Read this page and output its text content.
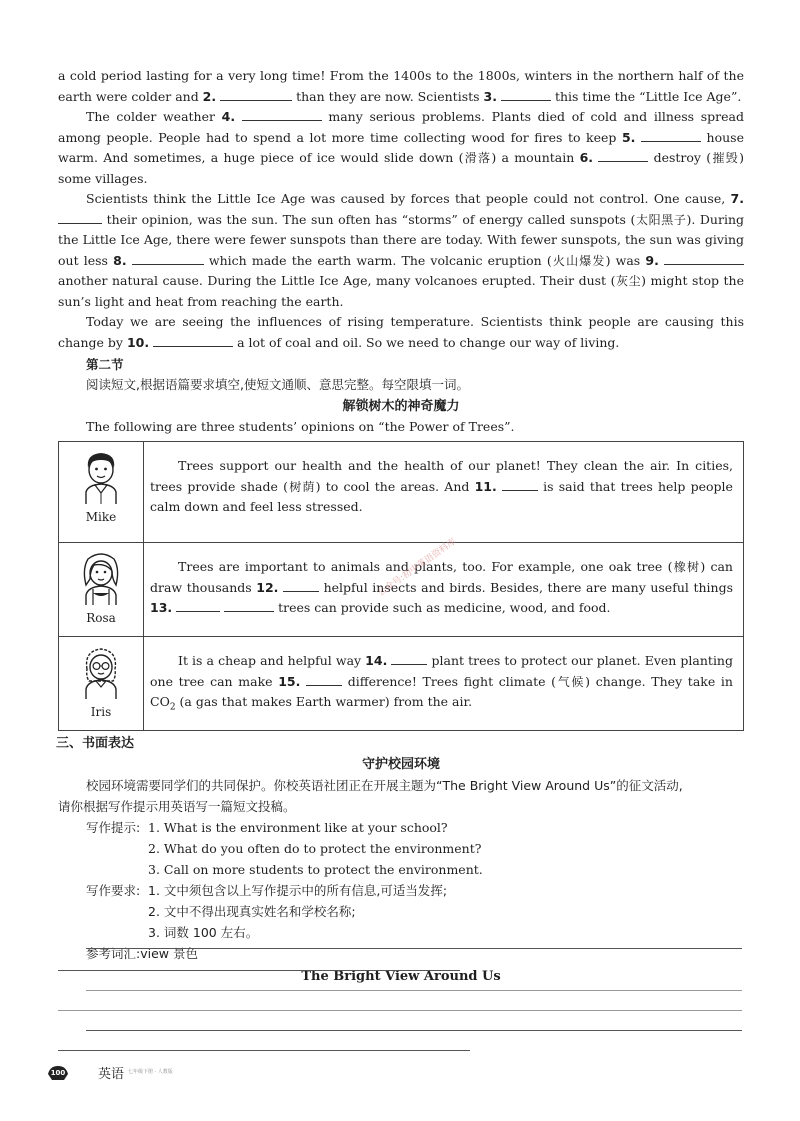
a cold period lasting for a very long time! From the 1400s to the 1800s, winters in the northern half of the earth were colder and 2.	than they are now. Scientists 3.	this time the “Little Ice Age”.

The colder weather 4.	many serious problems. Plants died of cold and illness spread among people. People had to spend a lot more time collecting wood for fires to keep 5.	house warm. And sometimes, a huge piece of ice would slide down (滑落) a mountain 6.	destroy (摧毁) some villages.

Scientists think the Little Ice Age was caused by forces that people could not control. One cause, 7.  their opinion, was the sun. The sun often has “storms” of energy called sunspots (太阳黑子). During the Little Ice Age, there were fewer sunspots than there are today. With fewer sunspots, the sun was giving out less 8.	which made the earth warm. The volcanic eruption (火山爆发) was 9.  another natural cause. During the Little Ice Age, many volcanoes erupted. Their dust (灰尘) might stop the sun’s light and heat from reaching the earth.

Today we are seeing the influences of rising temperature. Scientists think people are causing this change by 10.	a lot of coal and oil. So we need to change our way of living.

第二节
阅读短文,根据语篇要求填空,使短文通顺、意思完整。每空限填一词。
解锁树木的神奇魔力
The following are three students’ opinions on “the Power of Trees”.
Mike	Trees support our health and the health of our planet! They clean the air. In cities, trees provide shade (树荫) to cool the areas. And 11. is said that trees help people calm down and feel less stressed.

Rosa	Trees are important to animals and plants, too. For example, one oak tree (橡树) can draw thousands 12. helpful insects and birds. Besides, there are many useful things 13. trees can provide such as medicine, wood, and food.

Iris	It is a cheap and helpful way 14. plant trees to protect our planet. Even planting one tree can make 15. difference! Trees fight climate (气候) change. They take in $CO_2$ (a gas that makes Earth warmer) from the air.
三、书面表达
守护校园环境
校园环境需要同学们的共同保护。你校英语社团正在开展主题为“The Bright View Around Us”的征文活动,
请你根据写作提示用英语写一篇短文投稿。
写作提示: 1. What is the environment like at your school?
2. What do you often do to protect the environment?
3. Call on more students to protect the environment.
写作要求: 1. 文中须包含以上写作提示中的所有信息,可适当发挥;
2. 文中不得出现真实姓名和学校名称;
3. 词数 100 左右。
参考词汇:view 景色
The Bright View Around Us
公众号:初中英语资料库
100	英语 七年级下册 · 人教版
